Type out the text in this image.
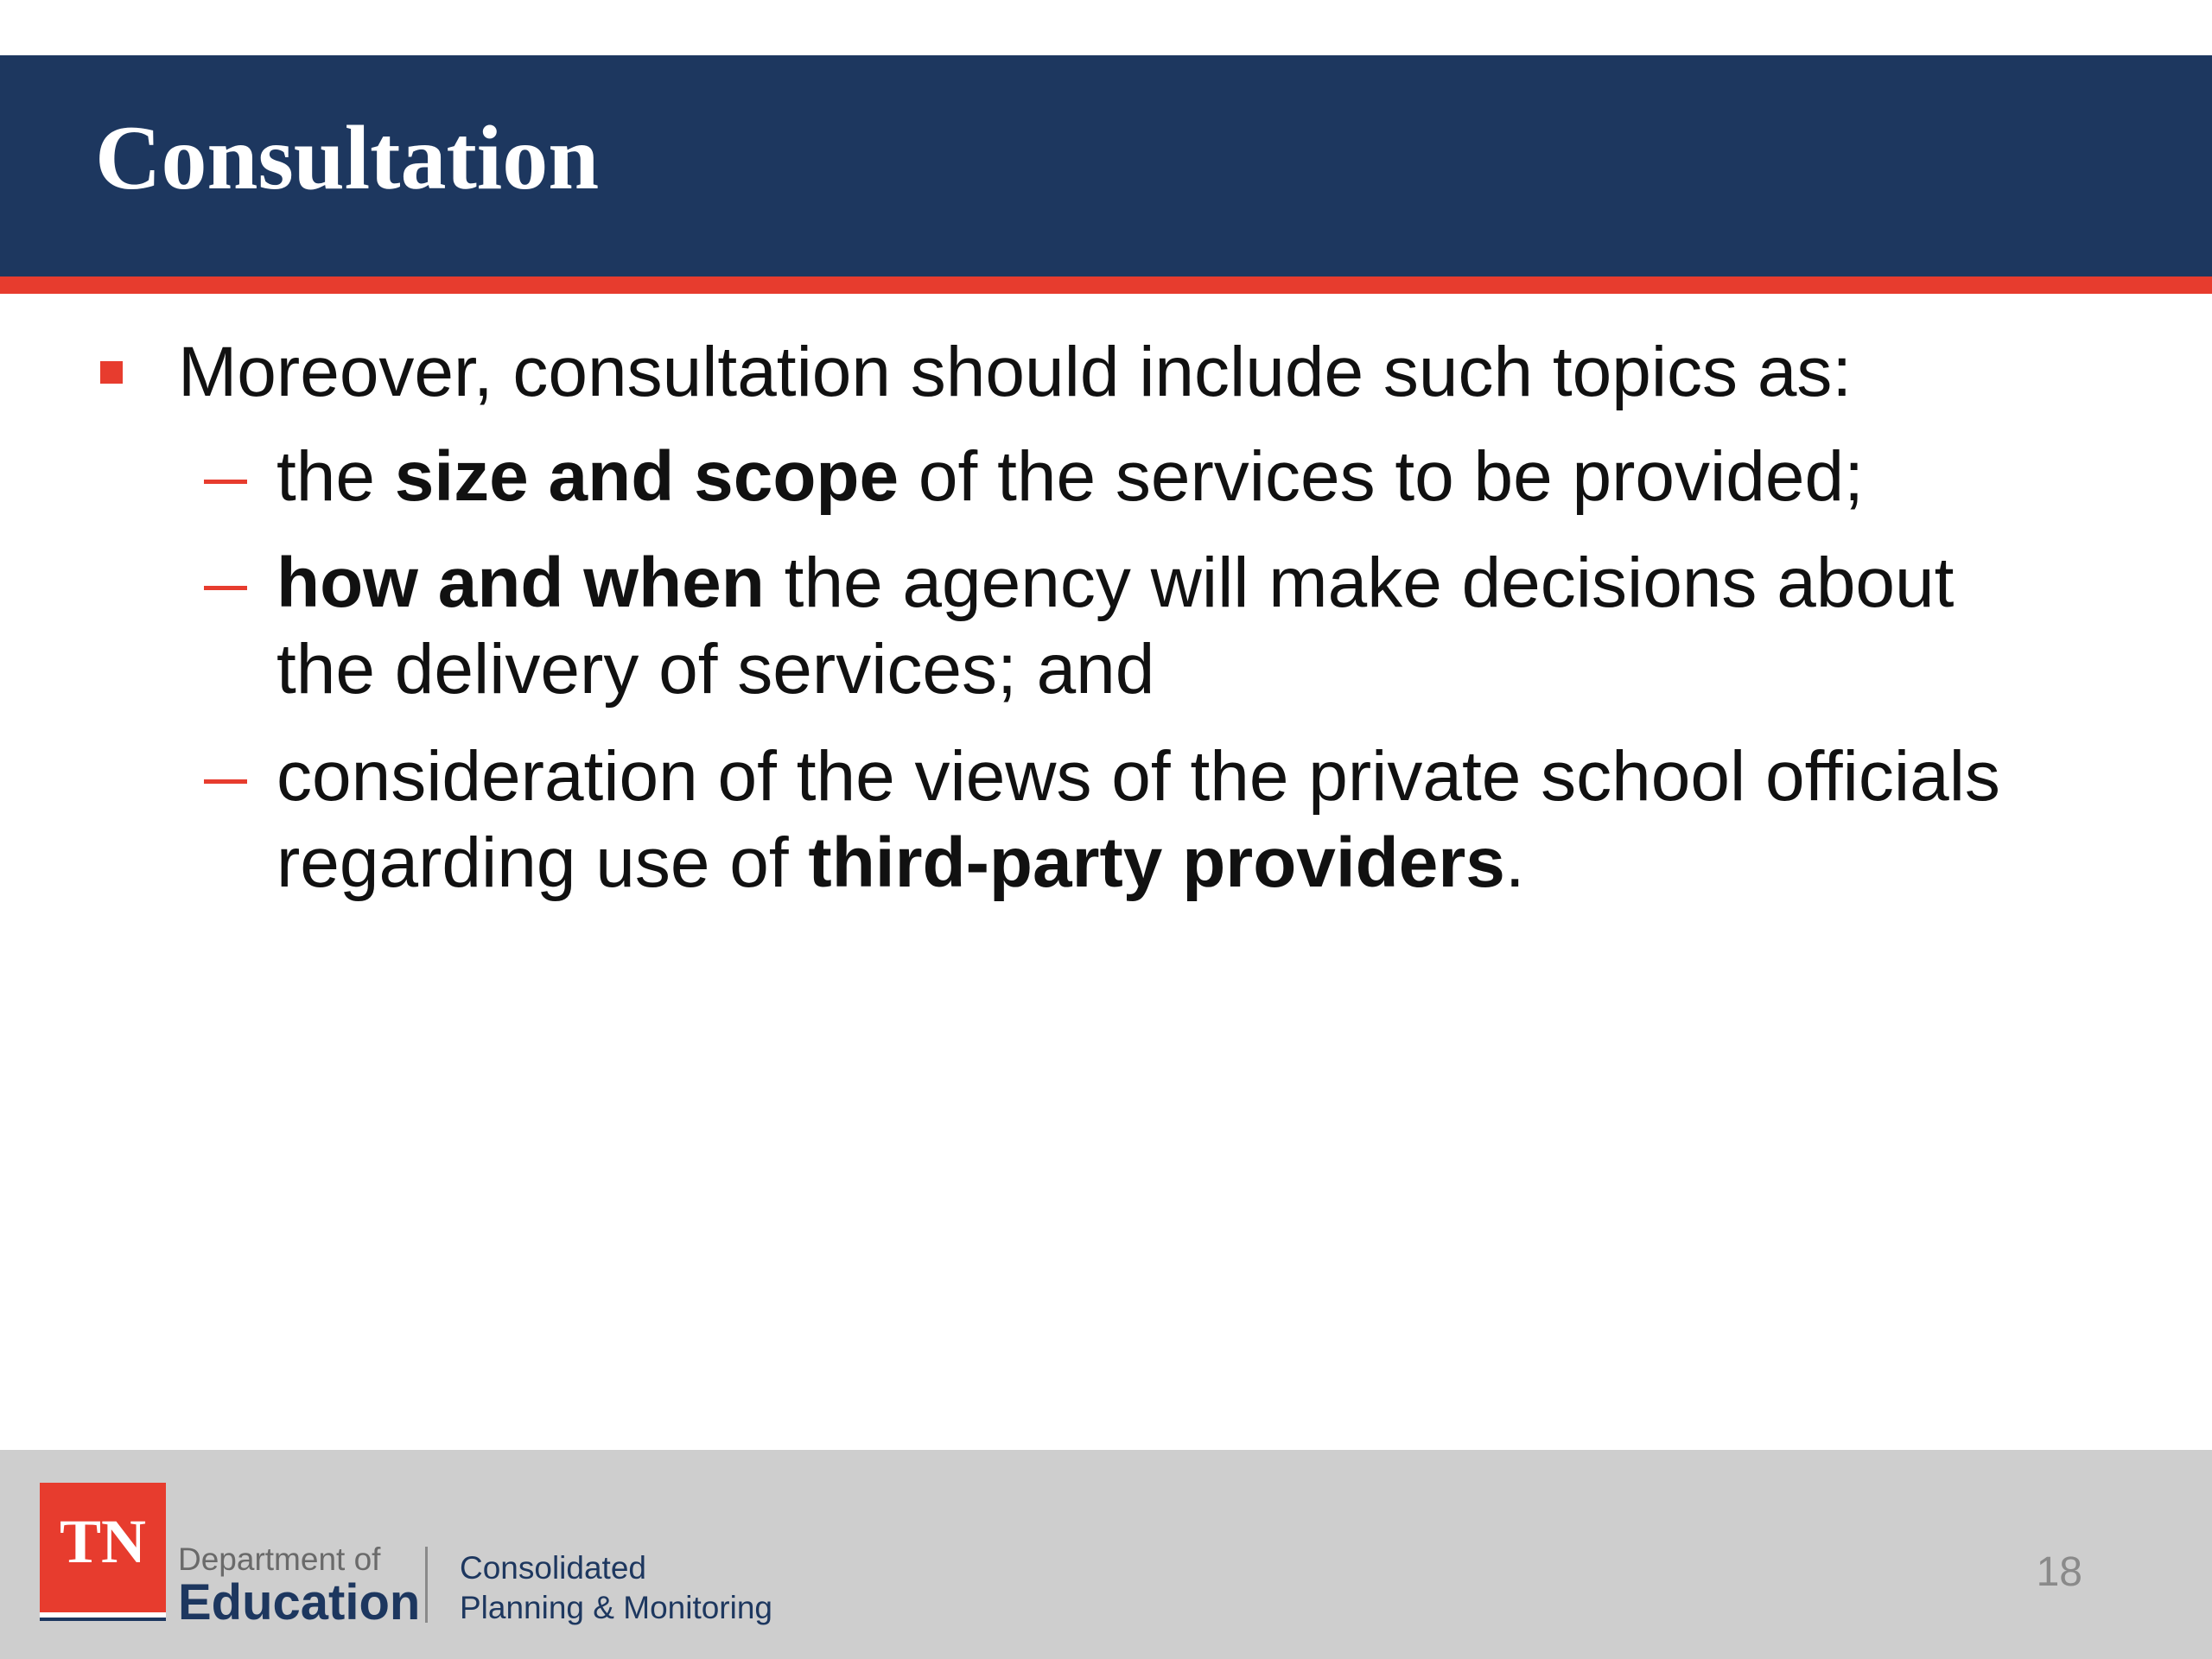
Consultation
Moreover, consultation should include such topics as:
the size and scope of the services to be provided;
how and when the agency will make decisions about
the delivery of services; and
consideration of the views of the private school officials
regarding use of third-party providers.
TN Department of
Education
Consolidated
Planning & Monitoring
18
